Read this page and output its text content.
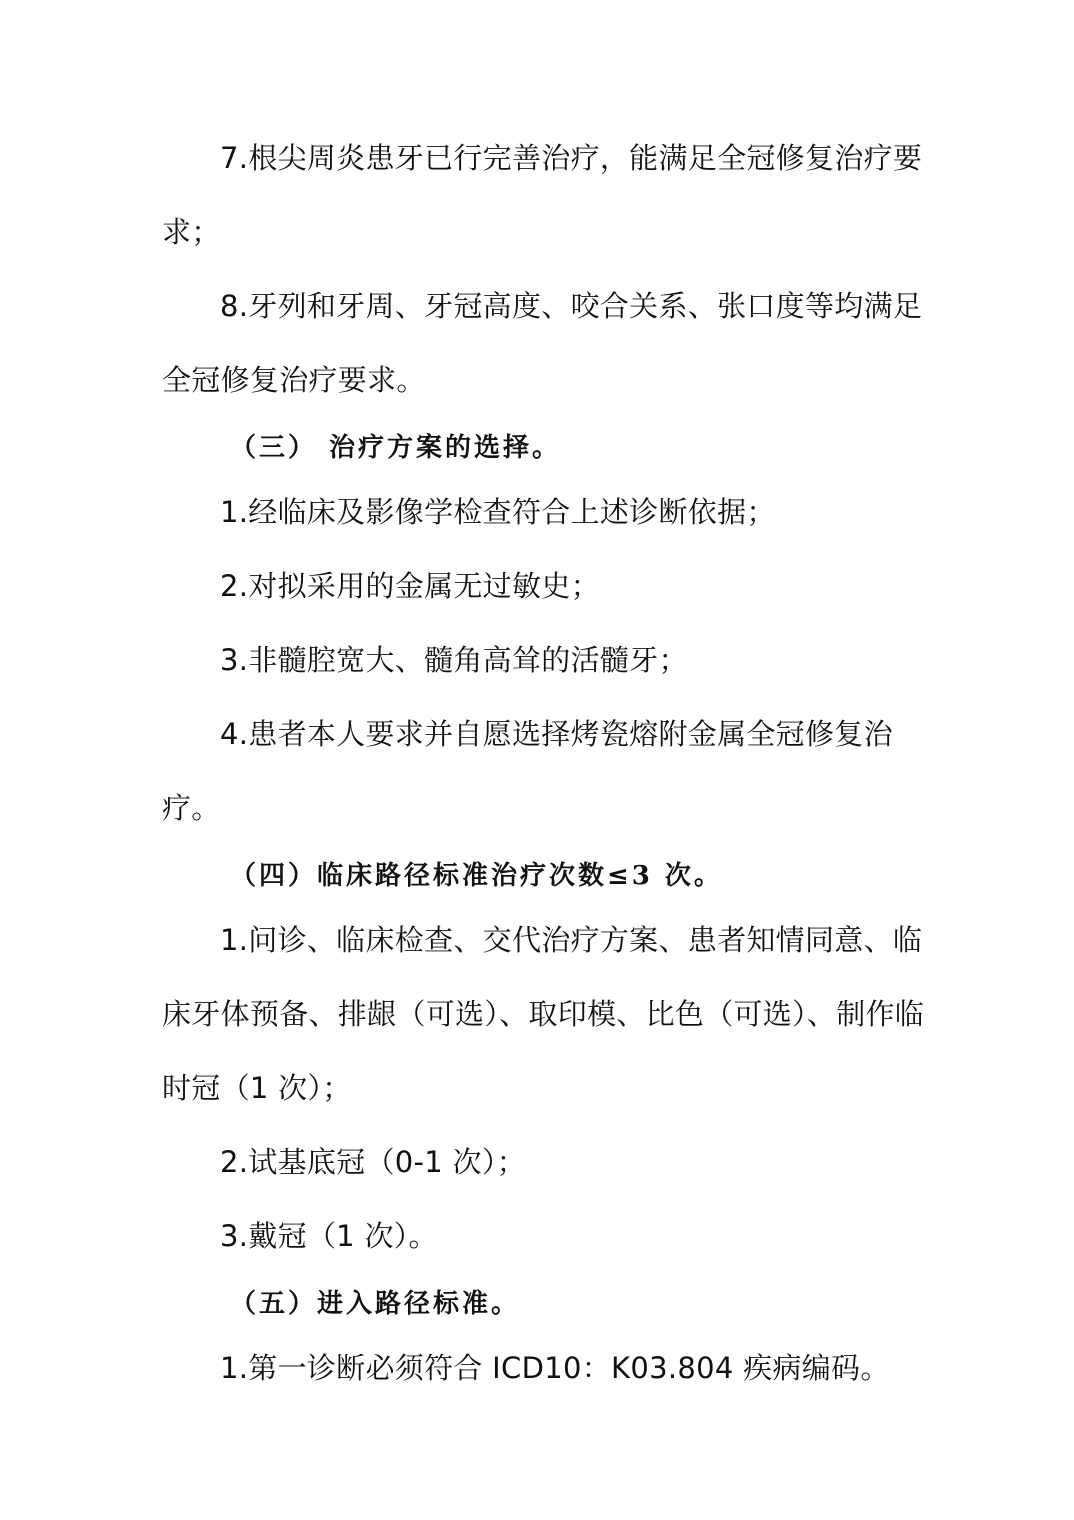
7.根尖周炎患牙已行完善治疗，能满足全冠修复治疗要
求；
8.牙列和牙周、牙冠高度、咬合关系、张口度等均满足
全冠修复治疗要求。
（三） 治疗方案的选择。
1.经临床及影像学检查符合上述诊断依据；
2.对拟采用的金属无过敏史；
3.非髓腔宽大、髓角高耸的活髓牙；
4.患者本人要求并自愿选择烤瓷熔附金属全冠修复治
疗。
（四）临床路径标准治疗次数≤3 次。
1.问诊、临床检查、交代治疗方案、患者知情同意、临
床牙体预备、排龈（可选）、取印模、比色（可选）、制作临
时冠（1 次）；
2.试基底冠（0-1 次）；
3.戴冠（1 次）。
（五）进入路径标准。
1.第一诊断必须符合 ICD10：K03.804 疾病编码。
